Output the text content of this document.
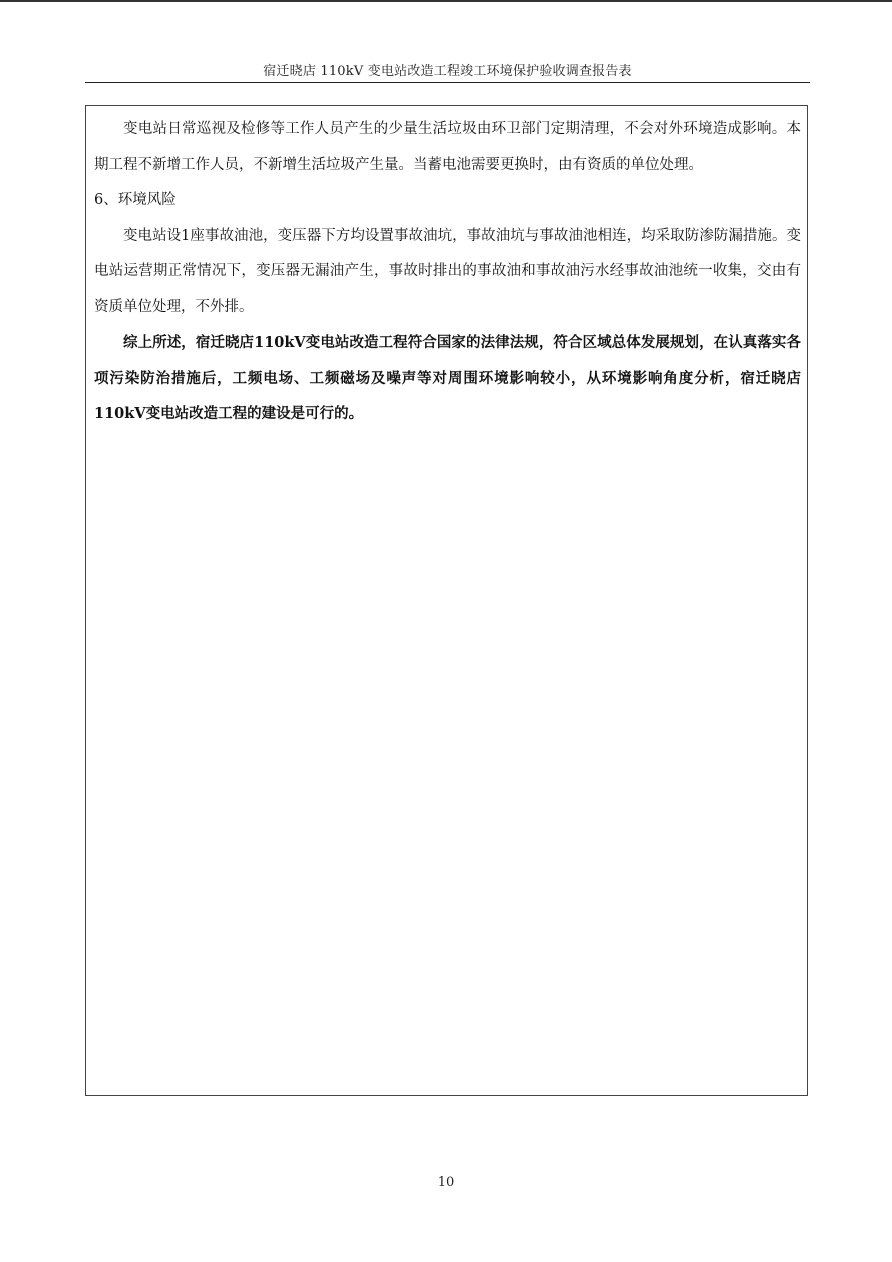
宿迁晓店 110kV 变电站改造工程竣工环境保护验收调查报告表

变电站日常巡视及检修等工作人员产生的少量生活垃圾由环卫部门定期清理，不会对外环境造成影响。本期工程不新增工作人员，不新增生活垃圾产生量。当蓄电池需要更换时，由有资质的单位处理。

6、环境风险

变电站设1座事故油池，变压器下方均设置事故油坑，事故油坑与事故油池相连，均采取防渗防漏措施。变电站运营期正常情况下，变压器无漏油产生，事故时排出的事故油和事故油污水经事故油池统一收集，交由有资质单位处理，不外排。

综上所述，宿迁晓店110kV变电站改造工程符合国家的法律法规，符合区域总体发展规划，在认真落实各项污染防治措施后，工频电场、工频磁场及噪声等对周围环境影响较小，从环境影响角度分析，宿迁晓店110kV变电站改造工程的建设是可行的。

10
